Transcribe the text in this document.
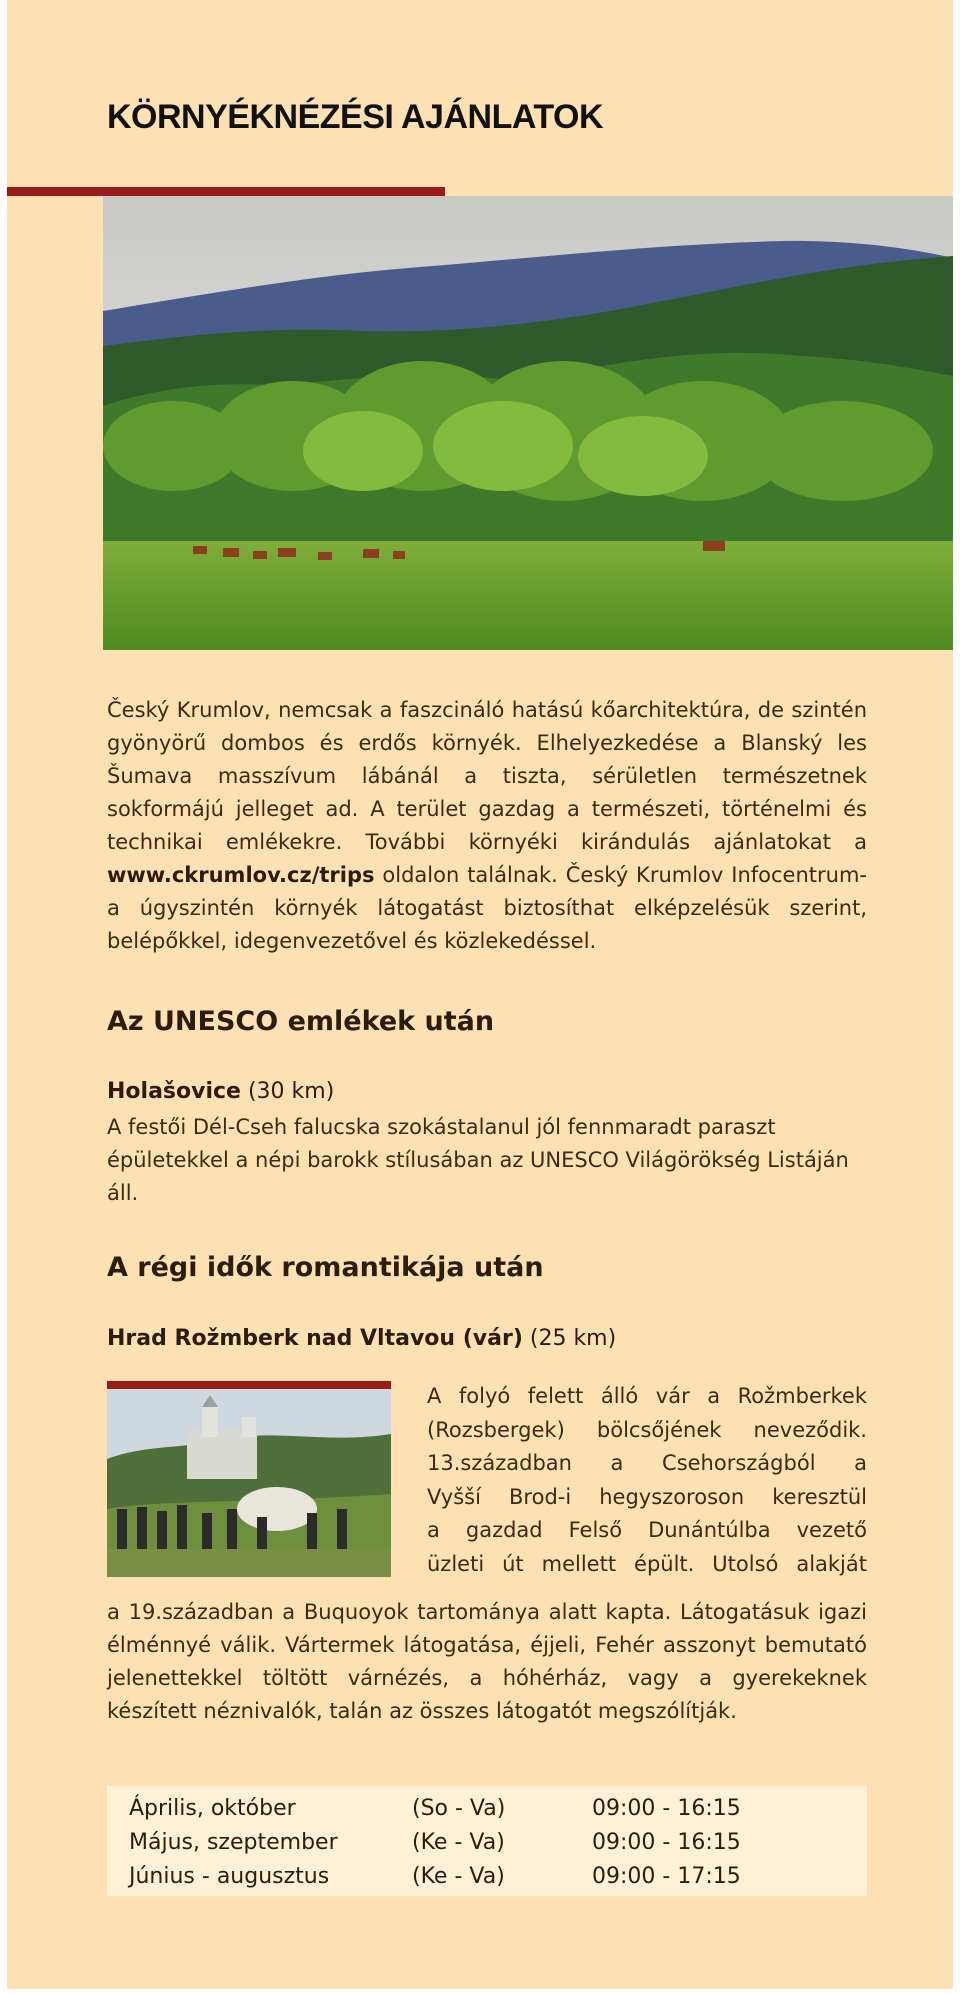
KÖRNYÉKNÉZÉSI AJÁNLATOK

Český Krumlov, nemcsak a faszcináló hatású kőarchitektúra, de szintén gyönyörű dombos és erdős környék. Elhelyezkedése a Blanský les Šumava masszívum lábánál a tiszta, sérületlen természetnek sokformájú jelleget ad. A terület gazdag a természeti, történelmi és technikai emlékekre. További környéki kirándulás ajánlatokat a www.ckrumlov.cz/trips oldalon találnak. Český Krumlov Infocentrum-a úgyszintén környék látogatást biztosíthat elképzelésük szerint, belépőkkel, idegenvezetővel és közlekedéssel.

Az UNESCO emlékek után

Holašovice (30 km)

A festői Dél-Cseh falucska szokástalanul jól fennmaradt paraszt épületekkel a népi barokk stílusában az UNESCO Világörökség Listáján áll.

A régi idők romantikája után

Hrad Rožmberk nad Vltavou (vár) (25 km)

A folyó felett álló vár a Rožmberkek
(Rozsbergek) bölcsőjének neveződik.
13.században a Csehországból a
Vyšší Brod-i hegyszoroson keresztül
a gazdad Felső Dunántúlba vezető
üzleti út mellett épült. Utolsó alakját

a 19.században a Buquoyok tartománya alatt kapta. Látogatásuk igazi élménnyé válik. Vártermek látogatása, éjjeli, Fehér asszonyt bemutató jelenettekkel töltött várnézés, a hóhérház, vagy a gyerekeknek készített néznivalók, talán az összes látogatót megszólítják.

Április, október	(So - Va)	09:00 - 16:15
Május, szeptember	(Ke - Va)	09:00 - 16:15
Június - augusztus	(Ke - Va)	09:00 - 17:15
